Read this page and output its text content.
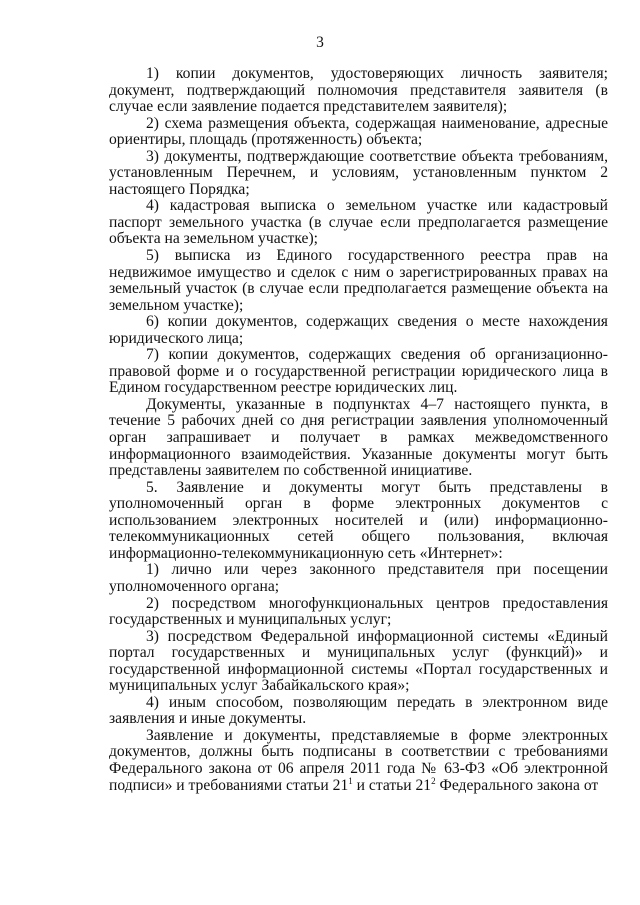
3

1) копии документов, удостоверяющих личность заявителя; документ, подтверждающий полномочия представителя заявителя (в случае если заявление подается представителем заявителя);

2) схема размещения объекта, содержащая наименование, адресные ориентиры, площадь (протяженность) объекта;

3) документы, подтверждающие соответствие объекта требованиям, установленным Перечнем, и условиям, установленным пунктом 2 настоящего Порядка;

4) кадастровая выписка о земельном участке или кадастровый паспорт земельного участка (в случае если предполагается размещение объекта на земельном участке);

5) выписка из Единого государственного реестра прав на недвижимое имущество и сделок с ним о зарегистрированных правах на земельный участок (в случае если предполагается размещение объекта на земельном участке);

6) копии документов, содержащих сведения о месте нахождения юридического лица;

7) копии документов, содержащих сведения об организационно-правовой форме и о государственной регистрации юридического лица в Едином государственном реестре юридических лиц.

Документы, указанные в подпунктах 4–7 настоящего пункта, в течение 5 рабочих дней со дня регистрации заявления уполномоченный орган запрашивает и получает в рамках межведомственного информационного взаимодействия. Указанные документы могут быть представлены заявителем по собственной инициативе.

5. Заявление и документы могут быть представлены в уполномоченный орган в форме электронных документов с использованием электронных носителей и (или) информационно-телекоммуникационных сетей общего пользования, включая информационно-телекоммуникационную сеть «Интернет»:

1) лично или через законного представителя при посещении уполномоченного органа;

2) посредством многофункциональных центров предоставления государственных и муниципальных услуг;

3) посредством Федеральной информационной системы «Единый портал государственных и муниципальных услуг (функций)» и государственной информационной системы «Портал государственных и муниципальных услуг Забайкальского края»;

4) иным способом, позволяющим передать в электронном виде заявления и иные документы.

Заявление и документы, представляемые в форме электронных документов, должны быть подписаны в соответствии с требованиями Федерального закона от 06 апреля 2011 года № 63-ФЗ «Об электронной подписи» и требованиями статьи $21^1$ и статьи $21^2$ Федерального закона от
